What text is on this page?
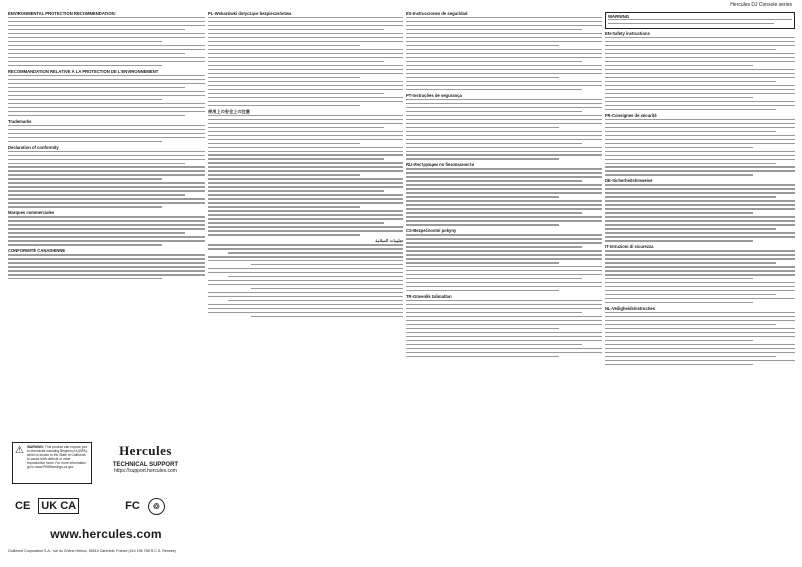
Hercules DJ Console series
ENVIRONMENTAL PROTECTION RECOMMENDATION:
RECOMMANDATION RELATIVE À LA PROTECTION DE L'ENVIRONNEMENT
Trademarks
Declaration of conformity
Marques commerciales
CONFORMITÉ CANADIENNE
PL-Wskazówki dotyczące bezpieczeństwa
使用上の安全上の注意
تعليمات السلامة
ES-Instrucciones de seguridad
PT-Instruções de segurança
RU-Инструкции по безопасности
CS-Bezpečnostní pokyny
TR-Güvenlik talimatları
WARNING
EN-Safety instructions
FR-Consignes de sécurité
DE-Sicherheitshinweise
IT-Istruzioni di sicurezza
NL-Veiligheidsinstructies
⚠ WARNING: This product can expose you to chemicals including Bisphenol A (BPA), which is known to the State of California to cause birth defects or other reproductive harm. For more information go to www.P65Warnings.ca.gov
Hercules
TECHNICAL SUPPORT
https://support.hercules.com
CE UK CA	FC	♲
www.hercules.com
Guillemot Corporation S.A., rue du Chêne Héleux, 56910 Carentoir, France (414 196 758 R.C.S. Rennes)
